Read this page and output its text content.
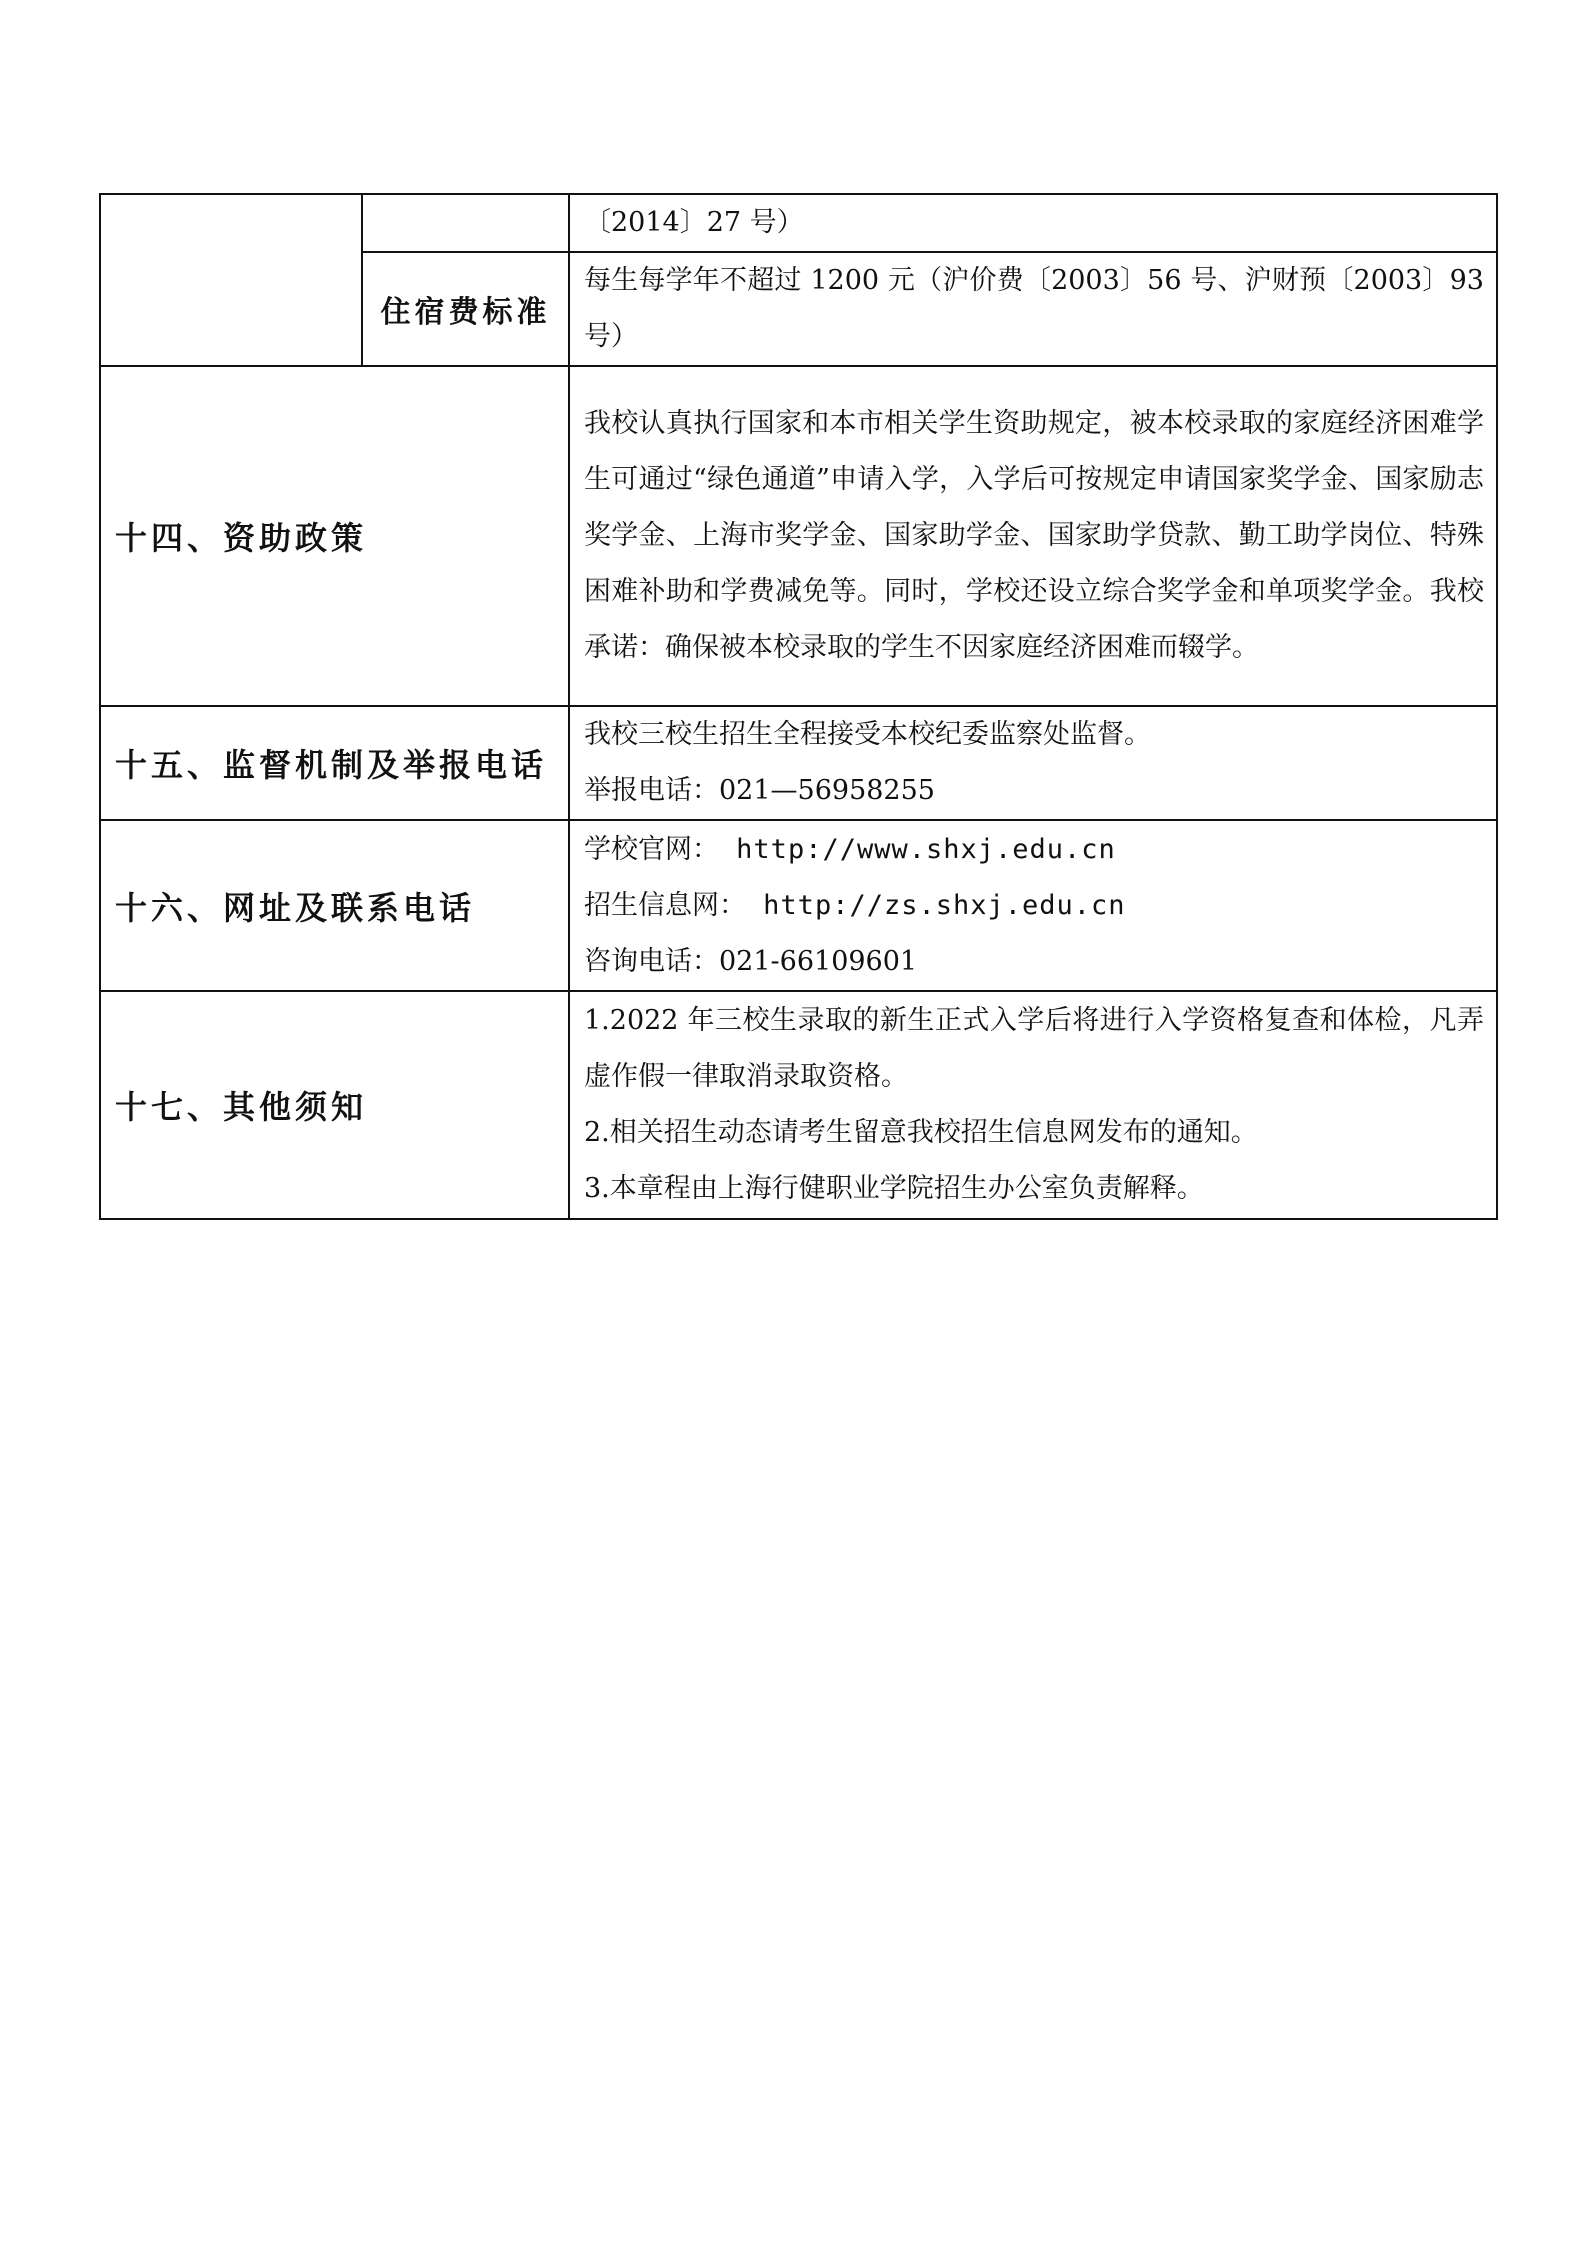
		〔2014〕27 号）

	住宿费标准	每生每学年不超过 1200 元（沪价费〔2003〕56 号、沪财预〔2003〕93 号）

十四、资助政策		我校认真执行国家和本市相关学生资助规定，被本校录取的家庭经济困难学生可通过“绿色通道”申请入学，入学后可按规定申请国家奖学金、国家励志奖学金、上海市奖学金、国家助学金、国家助学贷款、勤工助学岗位、特殊困难补助和学费减免等。同时，学校还设立综合奖学金和单项奖学金。我校承诺：确保被本校录取的学生不因家庭经济困难而辍学。

十五、监督机制及举报电话		我校三校生招生全程接受本校纪委监察处监督。

举报电话：021—56958255

十六、网址及联系电话		学校官网： http://www.shxj.edu.cn

招生信息网： http://zs.shxj.edu.cn

咨询电话：021-66109601

十七、其他须知		1.2022 年三校生录取的新生正式入学后将进行入学资格复查和体检，凡弄虚作假一律取消录取资格。

2.相关招生动态请考生留意我校招生信息网发布的通知。

3.本章程由上海行健职业学院招生办公室负责解释。
